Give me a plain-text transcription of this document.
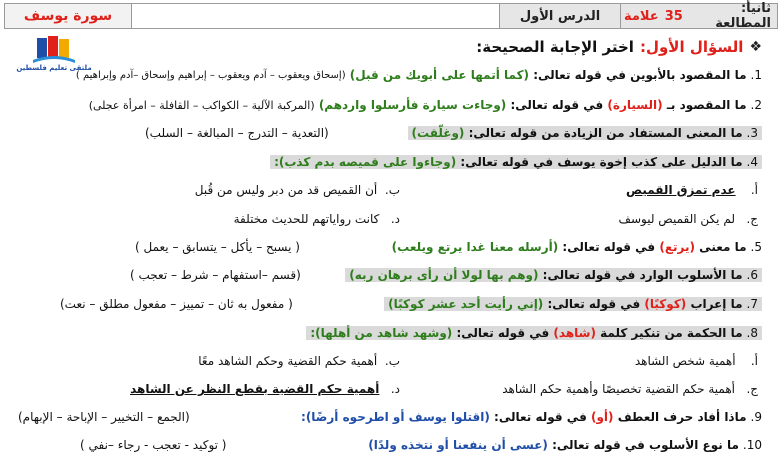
ثانيأ: المطالعة
35
علامة
الدرس الأول
سورة يوسف
ملتقى تعليم فلسطين
❖
السؤال الأول:
اختر الإجابة الصحيحة:
1.
ما المقصود بالأبوين في قوله تعالى:

(كما أتمها على أبويك من قبل)

(إسحاق ويعقوب – آدم ويعقوب – إبراهيم وإسحاق –آدم وإبراهيم )
2.
ما المقصود بـ

(السيارة)

في قوله تعالى:

(وجاءت سيارة فأرسلوا واردهم)

(المركبة الآلية – الكواكب – القافلة – امرأة عجلى)
3.
ما المعنى المستفاد من الزيادة من قوله تعالى:

(وغلّقت)
(التعدية – التدرج – المبالغة – السلب)
4.
ما الدليل على كذب إخوة يوسف في قوله تعالى:

(وجاءوا على قميصه بدم كذب):
أ.    عدم تمزق القميص
ب.  أن القميص قد من دبر وليس من قُبل
ج.   لم يكن القميص ليوسف
د.   كانت رواياتهم للحديث مختلفة
5.
ما معنى

(يرتع)

في قوله تعالى:

(أرسله معنا غدا يرتع ويلعب)
( يسبح – يأكل – يتسابق – يعمل )
6.
ما الأسلوب الوارد في قوله تعالى:

(وهم بها لولا أن رأى برهان ربه)
(قسم –استفهام – شرط – تعجب )
7.
ما إعراب

(كوكبًا)

في قوله تعالى:

(إني رأيت أحد عشر كوكبًا)
( مفعول به ثان – تمييز – مفعول مطلق – نعت)
8.
ما الحكمة من تنكير كلمة

(شاهد)

في قوله تعالى:

(وشهد شاهد من أهلها):
أ.    أهمية شخص الشاهد
ب.  أهمية حكم القضية وحكم الشاهد معًا
ج.   أهمية حكم القضية تخصيصًا وأهمية حكم الشاهد
د.   أهمية حكم القضية بقطع النظر عن الشاهد
9.
ماذا أفاد حرف العطف

(أو)

في قوله تعالى:

(اقتلوا يوسف أو اطرحوه أرضًا):
(الجمع – التخيير – الإباحة – الإبهام)
10.
ما نوع الأسلوب في قوله تعالى:

(عسى أن ينفعنا أو نتخذه ولدًا)
( توكيد - تعجب - رجاء –نفي )
